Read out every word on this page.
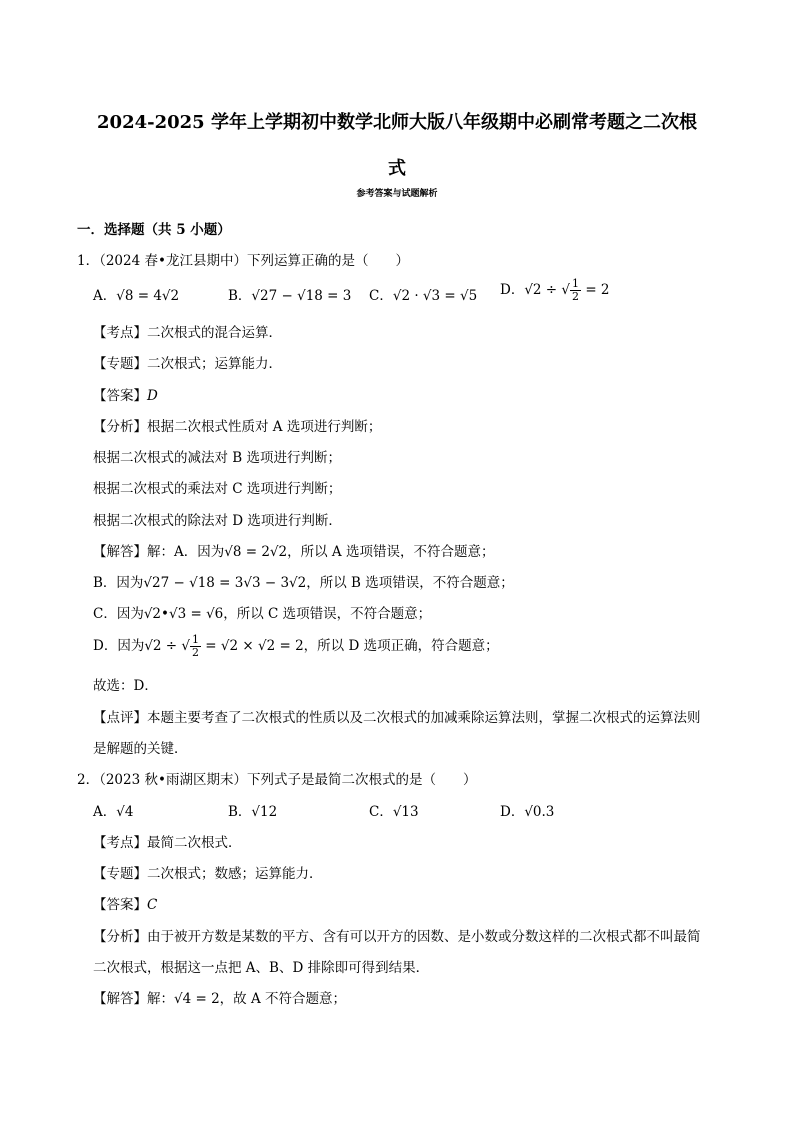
2024-2025 学年上学期初中数学北师大版八年级期中必刷常考题之二次根
式
参考答案与试题解析
一．选择题（共 5 小题）
1．（2024 春•龙江县期中）下列运算正确的是（　　）
A．√8 = 4√2	B．√27 − √18 = 3 C．√2 · √3 = √5 D．√2 ÷ √ $\frac{1}{2} = 2$
【考点】二次根式的混合运算．
【专题】二次根式；运算能力．
【答案】D
【分析】根据二次根式性质对 A 选项进行判断；
根据二次根式的减法对 B 选项进行判断；
根据二次根式的乘法对 C 选项进行判断；
根据二次根式的除法对 D 选项进行判断．
【解答】解：A．因为√8 = 2√2，所以 A 选项错误，不符合题意；
B．因为√27 − √18 = 3√3 − 3√2，所以 B 选项错误，不符合题意；
C．因为√2•√3 = √6，所以 C 选项错误，不符合题意；
D．因为√2 ÷ √ $\frac{1}{2} = √2 \times √2 = 2$，所以 D 选项正确，符合题意；
故选：D．
【点评】本题主要考查了二次根式的性质以及二次根式的加减乘除运算法则，掌握二次根式的运算法则
是解题的关键．
2．（2023 秋•雨湖区期末）下列式子是最简二次根式的是（　　）
A．√4	B．√12	C．√13	D．√0.3
【考点】最简二次根式．
【专题】二次根式；数感；运算能力．
【答案】C
【分析】由于被开方数是某数的平方、含有可以开方的因数、是小数或分数这样的二次根式都不叫最简
二次根式，根据这一点把 A、B、D 排除即可得到结果．
【解答】解：√4 = 2，故 A 不符合题意；
